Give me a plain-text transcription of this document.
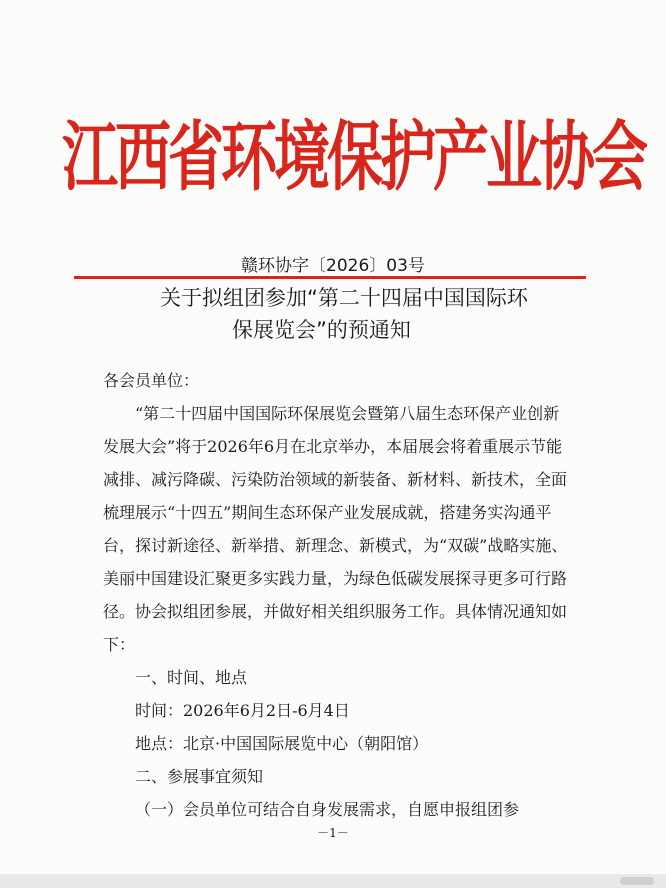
江西省环境保护产业协会
赣环协字〔2026〕03号
关于拟组团参加“第二十四届中国国际环
保展览会”的预通知

各会员单位：

“第二十四届中国国际环保展览会暨第八届生态环保产业创新发展大会”将于2026年6月在北京举办，本届展会将着重展示节能减排、减污降碳、污染防治领域的新装备、新材料、新技术，全面梳理展示“十四五”期间生态环保产业发展成就，搭建务实沟通平台，探讨新途径、新举措、新理念、新模式，为“双碳”战略实施、美丽中国建设汇聚更多实践力量，为绿色低碳发展探寻更多可行路径。协会拟组团参展，并做好相关组织服务工作。具体情况通知如下：

一、时间、地点

时间：2026年6月2日-6月4日

地点：北京·中国国际展览中心（朝阳馆）

二、参展事宜须知

（一）会员单位可结合自身发展需求，自愿申报组团参

－1－
